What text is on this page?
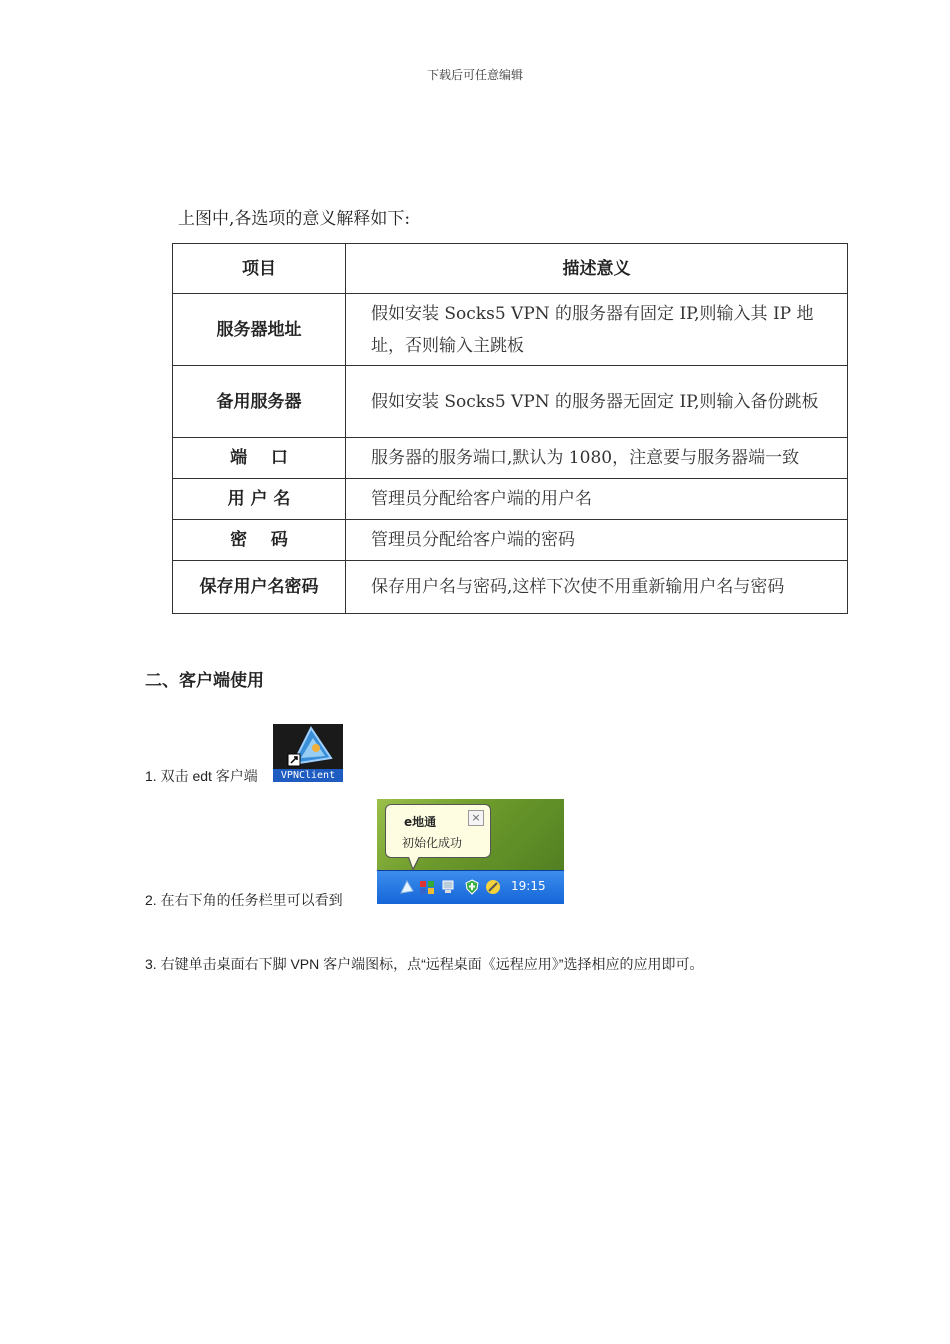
下载后可任意编辑
上图中,各选项的意义解释如下:
项目	描述意义
服务器地址	假如安装 Socks5 VPN 的服务器有固定 IP,则输入其 IP 地址，否则输入主跳板
备用服务器	假如安装 Socks5 VPN 的服务器无固定 IP,则输入备份跳板
端    口	服务器的服务端口,默认为 1080，注意要与服务器端一致
用 户 名	管理员分配给客户端的用户名
密    码	管理员分配给客户端的密码
保存用户名密码	保存用户名与密码,这样下次使不用重新输用户名与密码
二、客户端使用
1. 双击 edt 客户端	VPNClient
2. 在右下角的任务栏里可以看到
e地通
初始化成功
×
19:15
3. 右键单击桌面右下脚 VPN 客户端图标，点“远程桌面《远程应用》”选择相应的应用即可。
